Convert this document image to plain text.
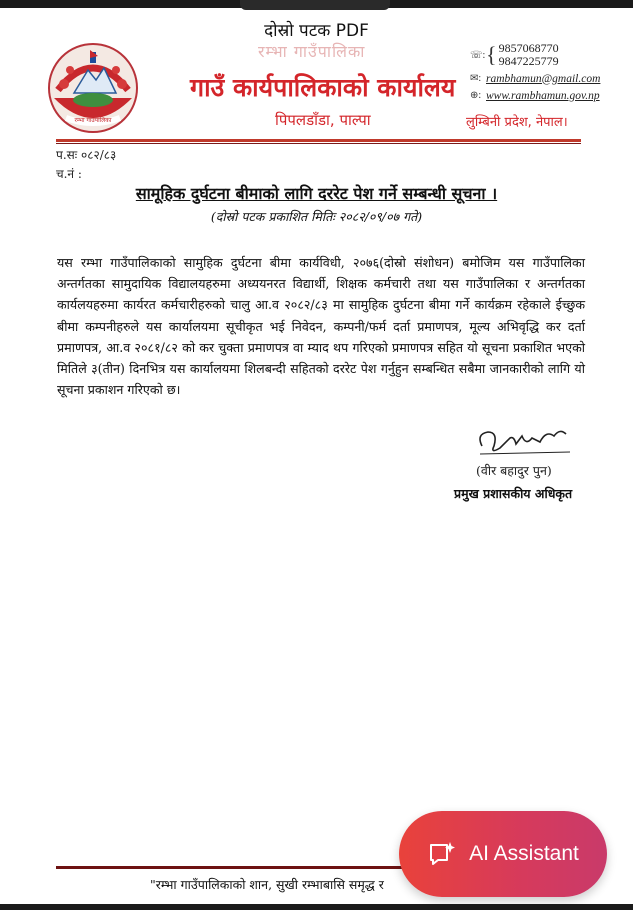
दोस्रो पटक PDF
रम्भा गाउँपालिका
रम्भा गाउँपालिका
गाउँ कार्यपालिकाको कार्यालय
पिपलडाँडा, पाल्पा
☏: { 9857068770
9847225779
✉: rambhamun@gmail.com
⊕: www.rambhamun.gov.np
लुम्बिनी प्रदेश, नेपाल।
प.सः ०८२/८३
च.नं :
सामूहिक दुर्घटना बीमाको लागि दररेट पेश गर्ने सम्बन्धी सूचना ।
(दोस्रो पटक प्रकाशित मितिः २०८२/०९/०७ गते)
यस रम्भा गाउँपालिकाको सामुहिक दुर्घटना बीमा कार्यविधी, २०७६(दोस्रो संशोधन) बमोजिम यस गाउँपालिका अन्तर्गतका सामुदायिक विद्यालयहरुमा अध्ययनरत विद्यार्थी, शिक्षक कर्मचारी तथा यस गाउँपालिका र अन्तर्गतका कार्यलयहरुमा कार्यरत कर्मचारीहरुको चालु आ.व २०८२/८३ मा सामुहिक दुर्घटना बीमा गर्ने कार्यक्रम रहेकाले ईच्छुक बीमा कम्पनीहरुले यस कार्यालयमा सूचीकृत भई निवेदन, कम्पनी/फर्म दर्ता प्रमाणपत्र, मूल्य अभिवृद्धि कर दर्ता प्रमाणपत्र, आ.व २०८१/८२ को कर चुक्ता प्रमाणपत्र वा म्याद थप गरिएको प्रमाणपत्र सहित यो सूचना प्रकाशित भएको मितिले ३(तीन) दिनभित्र यस कार्यालयमा शिलबन्दी सहितको दररेट पेश गर्नुहुन सम्बन्धित सबैमा जानकारीको लागि यो सूचना प्रकाशन गरिएको छ।
(वीर बहादुर पुन)
प्रमुख प्रशासकीय अधिकृत
"रम्भा गाउँपालिकाको शान, सुखी रम्भाबासि समृद्ध र
AI Assistant
